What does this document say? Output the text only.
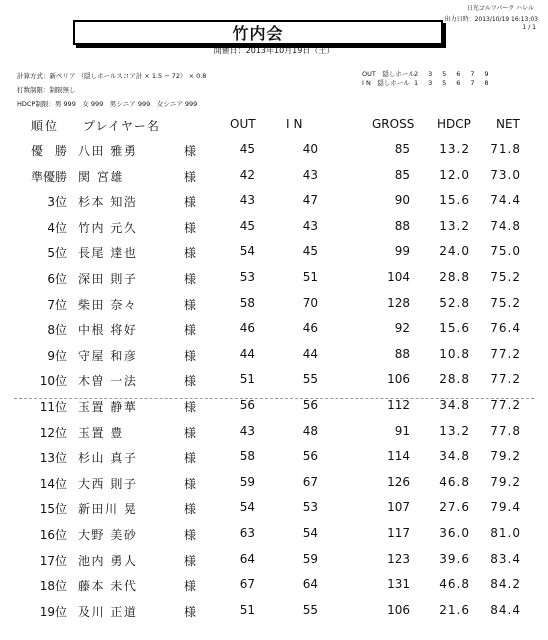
日光ゴルフパーク ハレル
出力日時：2013/10/19 16:13:03
1 / 1
竹内会
開催日：2013年10月19日（土）
計算方式：新ペリア （隠しホールスコア計 × 1.5 − 72） × 0.8
打数制限：制限無し
HDCP制限：男 999　女 999　男シニア 999　女シニア 999
OUT　隠しホール 2 3 5 6 7 9
I N　隠しホール 1 3 5 6 7 8
順位 プレイヤー名	OUT	IN	GROSS HDCP NET
優　勝 八田 雅勇	様	45	40	85	13.2	71.8
準優勝 関 宮雄	様	42	43	85	12.0	73.0
3位 杉本 知浩	様	43	47	90	15.6	74.4
4位 竹内 元久	様	45	43	88	13.2	74.8
5位 長尾 達也	様	54	45	99	24.0	75.0
6位 深田 則子	様	53	51	104	28.8	75.2
7位 柴田 奈々	様	58	70	128	52.8	75.2
8位 中根 将好	様	46	46	92	15.6	76.4
9位 守屋 和彦	様	44	44	88	10.8	77.2
10位 木曽 一法	様	51	55	106	28.8	77.2
11位 玉置 静華	様	56	56	112	34.8	77.2
12位 玉置 豊	様	43	48	91	13.2	77.8
13位 杉山 真子	様	58	56	114	34.8	79.2
14位 大西 則子	様	59	67	126	46.8	79.2
15位 新田川 晃	様	54	53	107	27.6	79.4
16位 大野 美砂	様	63	54	117	36.0	81.0
17位 池内 勇人	様	64	59	123	39.6	83.4
18位 藤本 未代	様	67	64	131	46.8	84.2
19位 及川 正道	様	51	55	106	21.6	84.4
